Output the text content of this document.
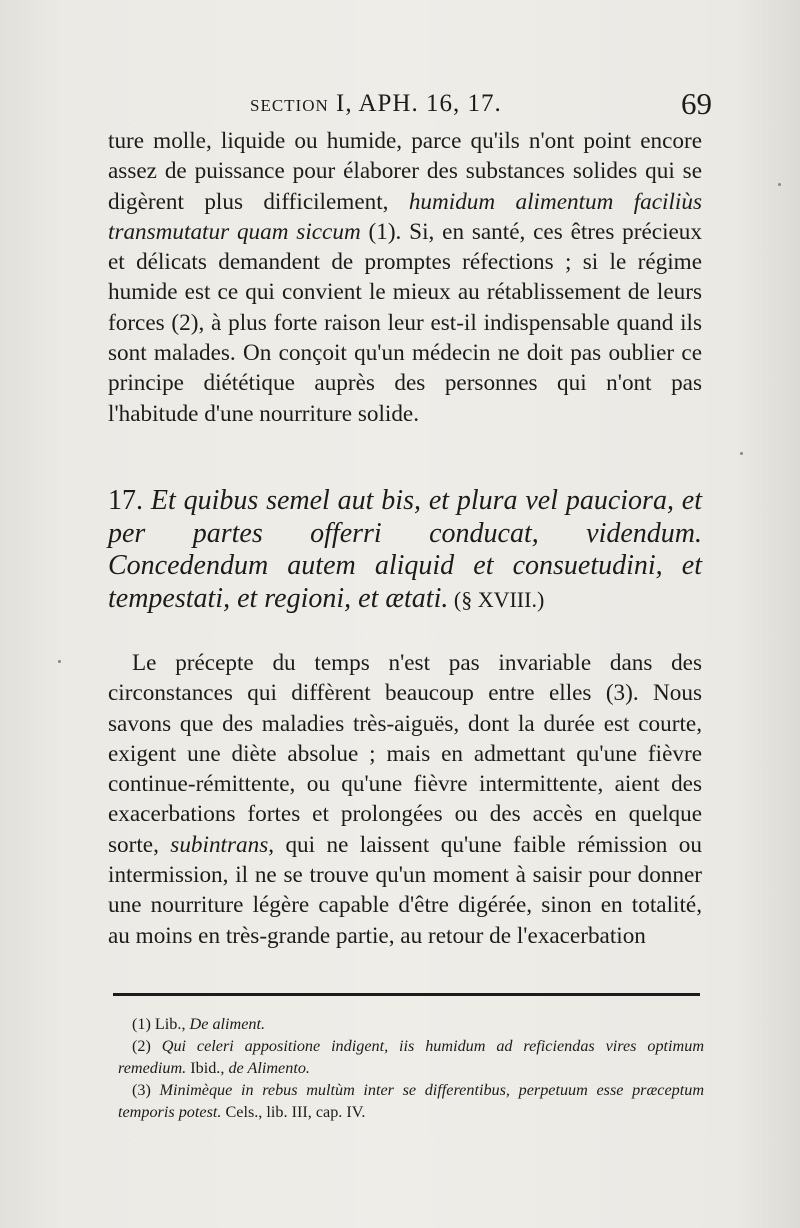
SECTION I, APH. 16, 17.	69

ture molle, liquide ou humide, parce qu'ils n'ont point encore assez de puissance pour élaborer des substances solides qui se digèrent plus difficilement, humidum alimentum faciliùs transmutatur quam siccum (1). Si, en santé, ces êtres précieux et délicats demandent de promptes réfections ; si le régime humide est ce qui convient le mieux au rétablissement de leurs forces (2), à plus forte raison leur est-il indispensable quand ils sont malades. On conçoit qu'un médecin ne doit pas oublier ce principe diététique auprès des personnes qui n'ont pas l'habitude d'une nourriture solide.

17. Et quibus semel aut bis, et plura vel pauciora, et per partes offerri conducat, videndum. Concedendum autem aliquid et consuetudini, et tempestati, et regioni, et ætati. (§ XVIII.)

Le précepte du temps n'est pas invariable dans des circonstances qui diffèrent beaucoup entre elles (3). Nous savons que des maladies très-aiguës, dont la durée est courte, exigent une diète absolue ; mais en admettant qu'une fièvre continue-rémittente, ou qu'une fièvre intermittente, aient des exacerbations fortes et prolongées ou des accès en quelque sorte, subintrans, qui ne laissent qu'une faible rémission ou intermission, il ne se trouve qu'un moment à saisir pour donner une nourriture légère capable d'être digérée, sinon en totalité, au moins en très-grande partie, au retour de l'exacerbation

(1) Lib., De aliment.

(2) Qui celeri appositione indigent, iis humidum ad reficiendas vires optimum remedium. Ibid., de Alimento.

(3) Minimèque in rebus multùm inter se differentibus, perpetuum esse præceptum temporis potest. Cels., lib. III, cap. IV.
